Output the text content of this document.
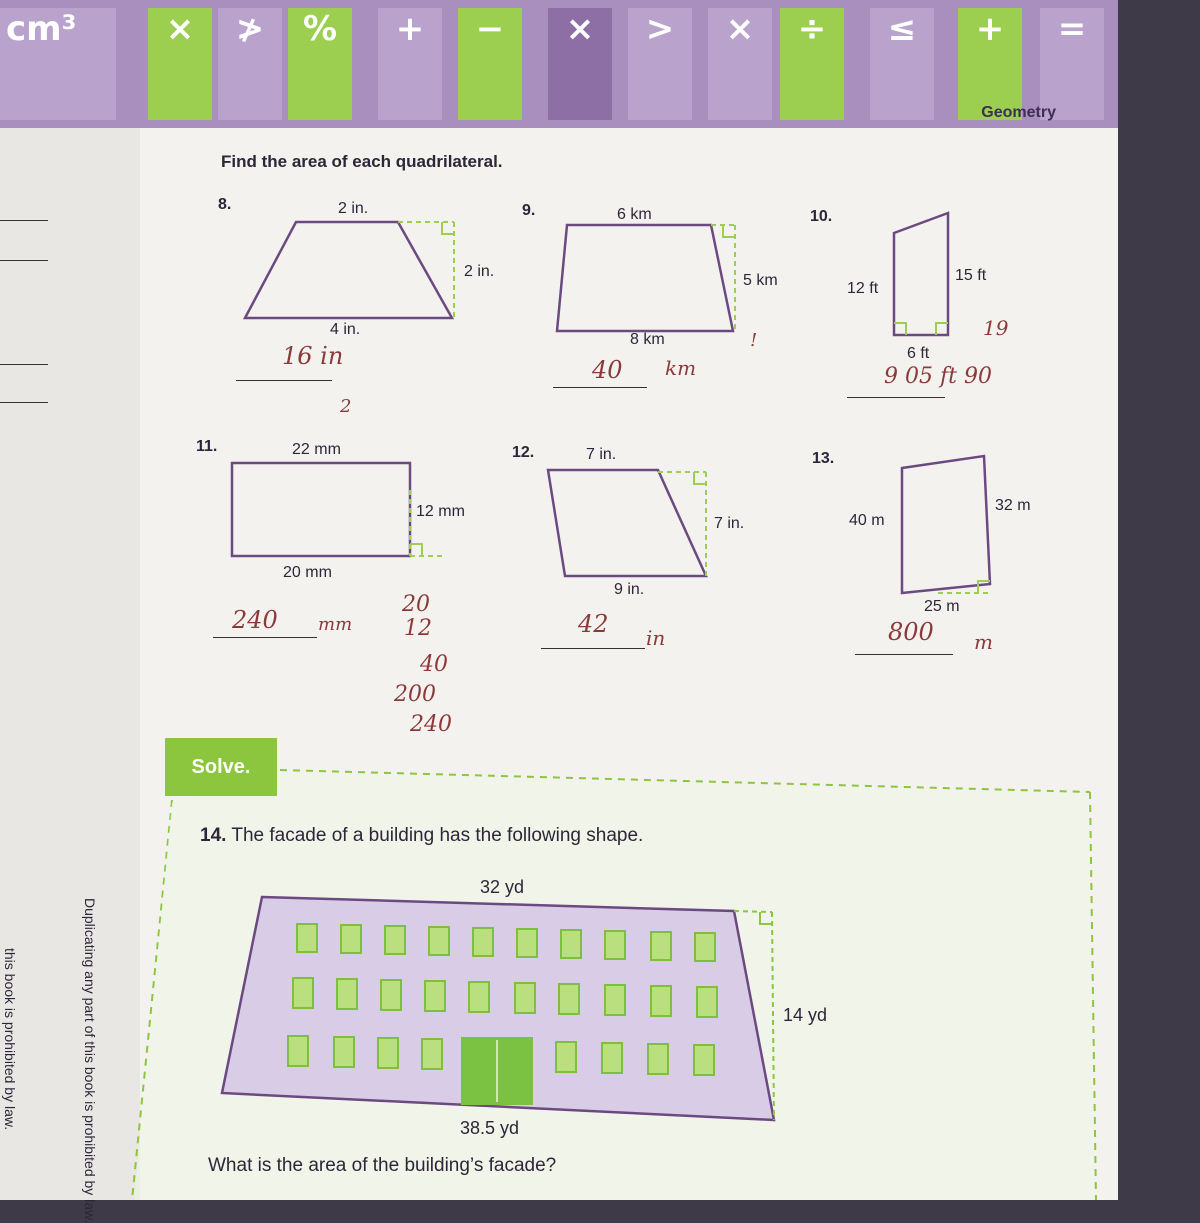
cm³	×	≯	%	+	−	×	>	×	÷	≤	+	=
Geometry
Find the area of each quadrilateral.
8.	2 in.
2 in.
4 in.
16 in
2
9.	6 km
5 km
8 km
40 km
!
10.
15 ft
12 ft
6 ft
19
9 05 ft 90
11.	22 mm
12 mm
20 mm
240 mm
20
12
40
200
240
12.	7 in.
7 in.
9 in.
42 in
13.
40 m
32 m
25 m
800 m
Solve.
14. The facade of a building has the following shape.
32 yd
14 yd
38.5 yd
What is the area of the building’s facade?
Duplicating any part of this book is prohibited by law.
this book is prohibited by law.
